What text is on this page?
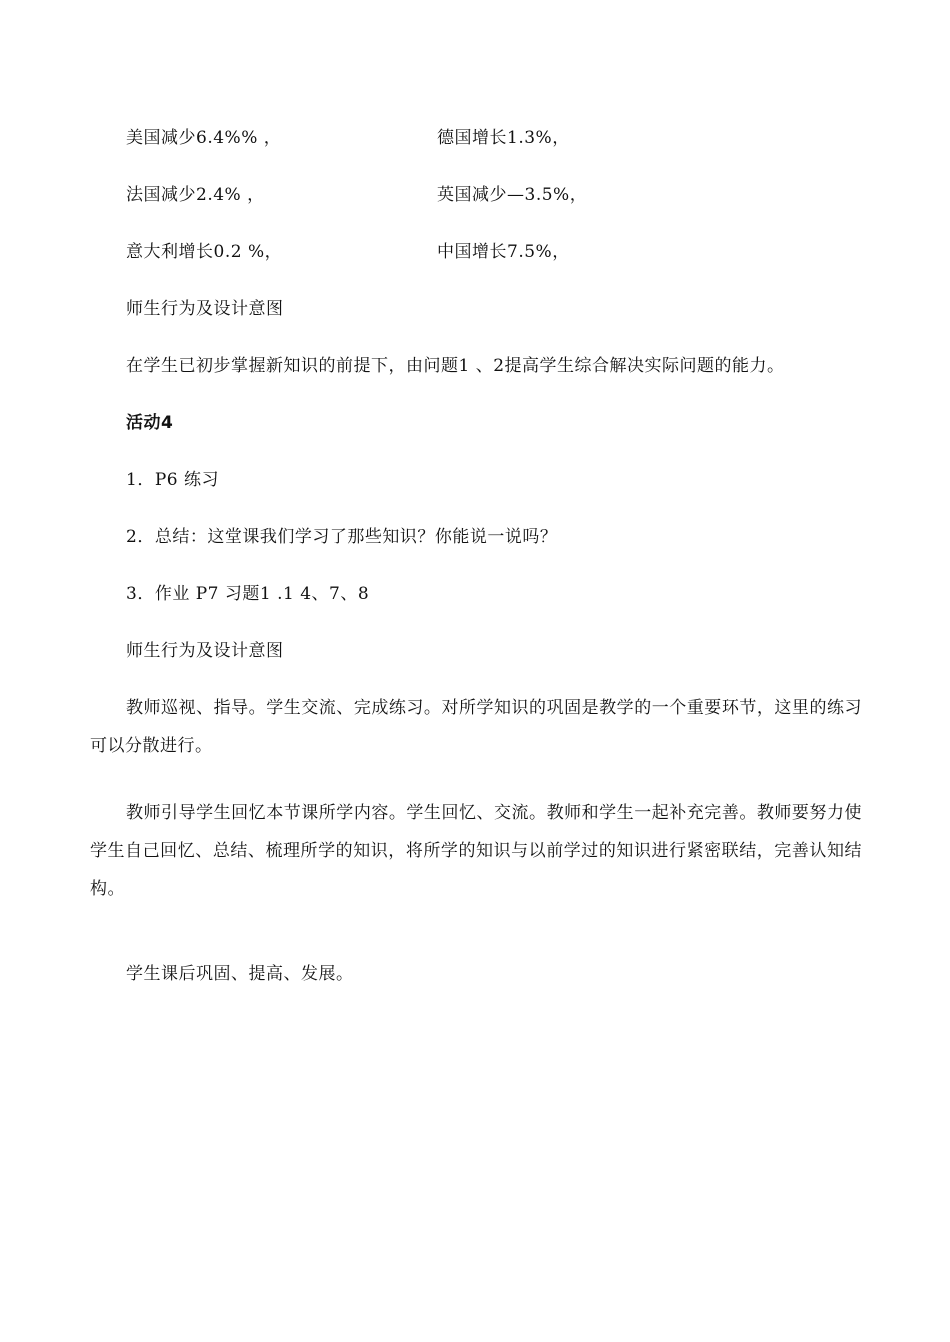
美国减少6.4%% ，	德国增长1.3%，
法国减少2.4% ，	英国减少—3.5%，
意大利增长0.2 %，	中国增长7.5%，
师生行为及设计意图
在学生已初步掌握新知识的前提下，由问题1 、2提高学生综合解决实际问题的能力。
活动4
1．P6 练习
2．总结：这堂课我们学习了那些知识？你能说一说吗？
3．作业 P7 习题1 .1 4、7、8
师生行为及设计意图
教师巡视、指导。学生交流、完成练习。对所学知识的巩固是教学的一个重要环节，这里的练习可以分散进行。
教师引导学生回忆本节课所学内容。学生回忆、交流。教师和学生一起补充完善。教师要努力使学生自己回忆、总结、梳理所学的知识，将所学的知识与以前学过的知识进行紧密联结，完善认知结构。
学生课后巩固、提高、发展。
